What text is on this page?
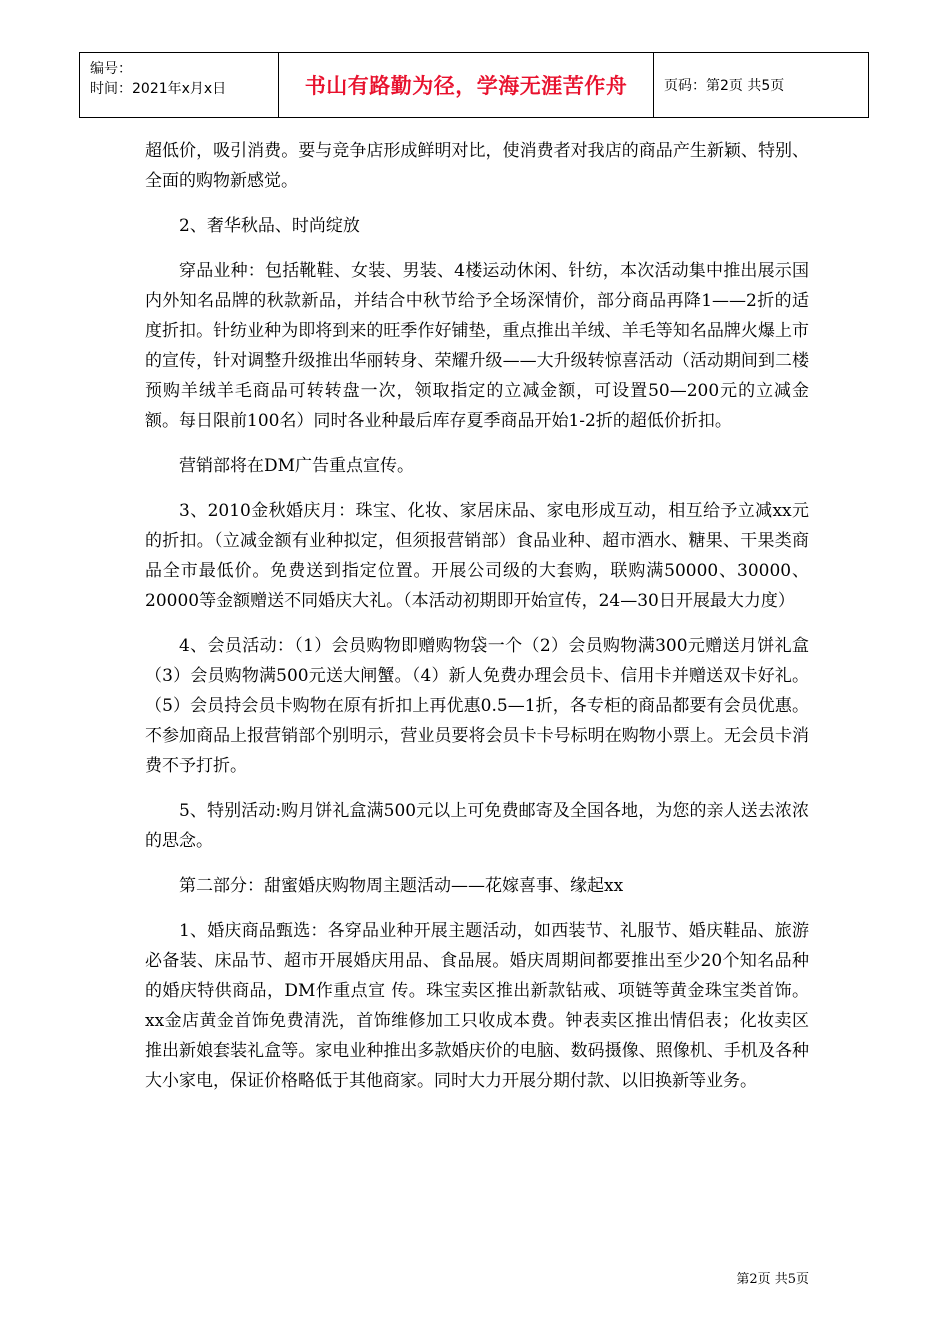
编号：
时间：2021年x月x日	书山有路勤为径，学海无涯苦作舟	页码：第2页 共5页

超低价，吸引消费。要与竞争店形成鲜明对比，使消费者对我店的商品产生新颖、特别、全面的购物新感觉。

2、奢华秋品、时尚绽放

穿品业种：包括靴鞋、女装、男装、4楼运动休闲、针纺，本次活动集中推出展示国内外知名品牌的秋款新品，并结合中秋节给予全场深情价，部分商品再降1——2折的适度折扣。针纺业种为即将到来的旺季作好铺垫，重点推出羊绒、羊毛等知名品牌火爆上市的宣传，针对调整升级推出华丽转身、荣耀升级——大升级转惊喜活动（活动期间到二楼预购羊绒羊毛商品可转转盘一次，领取指定的立减金额，可设置50—200元的立减金额。每日限前100名）同时各业种最后库存夏季商品开始1-2折的超低价折扣。

营销部将在DM广告重点宣传。

3、2010金秋婚庆月：珠宝、化妆、家居床品、家电形成互动，相互给予立减xx元的折扣。（立减金额有业种拟定，但须报营销部）食品业种、超市酒水、糖果、干果类商品全市最低价。免费送到指定位置。开展公司级的大套购，联购满50000、30000、20000等金额赠送不同婚庆大礼。（本活动初期即开始宣传，24—30日开展最大力度）

4、会员活动：（1）会员购物即赠购物袋一个（2）会员购物满300元赠送月饼礼盒（3）会员购物满500元送大闸蟹。（4）新人免费办理会员卡、信用卡并赠送双卡好礼。（5）会员持会员卡购物在原有折扣上再优惠0.5—1折，各专柜的商品都要有会员优惠。不参加商品上报营销部个别明示，营业员要将会员卡卡号标明在购物小票上。无会员卡消费不予打折。

5、特别活动:购月饼礼盒满500元以上可免费邮寄及全国各地，为您的亲人送去浓浓的思念。

第二部分：甜蜜婚庆购物周主题活动——花嫁喜事、缘起xx

1、婚庆商品甄选：各穿品业种开展主题活动，如西装节、礼服节、婚庆鞋品、旅游必备装、床品节、超市开展婚庆用品、食品展。婚庆周期间都要推出至少20个知名品种的婚庆特供商品，DM作重点宣 传。珠宝卖区推出新款钻戒、项链等黄金珠宝类首饰。xx金店黄金首饰免费清洗，首饰维修加工只收成本费。钟表卖区推出情侣表；化妆卖区推出新娘套装礼盒等。家电业种推出多款婚庆价的电脑、数码摄像、照像机、手机及各种大小家电，保证价格略低于其他商家。同时大力开展分期付款、以旧换新等业务。

第2页 共5页
